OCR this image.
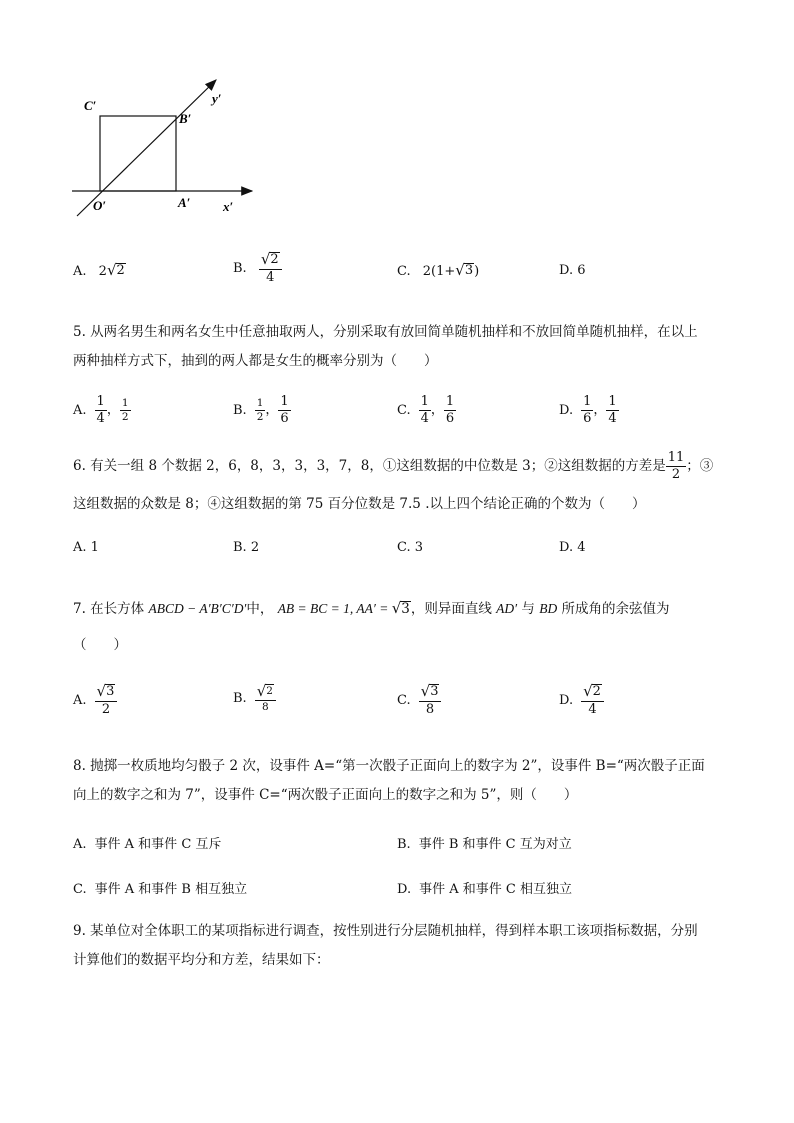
C′
B′
y′
O′	A′	x′
A. 2 √ 2	B. $\frac{√ 2}{4}$	C. 2(1+ √ 3 )	D. 6
5. 从两名男生和两名女生中任意抽取两人，分别采取有放回简单随机抽样和不放回简单随机抽样，在以上
两种抽样方式下，抽到的两人都是女生的概率分别为（　　）
A. $\frac{1}{4}$ ， $\frac{1}{2}$	B. $\frac{1}{2}$ ， $\frac{1}{6}$	C. $\frac{1}{4}$ ， $\frac{1}{6}$	D. $\frac{1}{6}$ ， $\frac{1}{4}$
6. 有关一组 8 个数据 2，6，8，3，3，3，7，8，①这组数据的中位数是 3；②这组数据的方差是 $\frac{11}{2}$ ；③
这组数据的众数是 8；④这组数据的第 75 百分位数是 7.5 .以上四个结论正确的个数为（　　）
A. 1	B. 2	C. 3	D. 4
7. 在长方体 ABCD − A′B′C′D′中， AB = BC = 1, AA′ = √ 3 ，则异面直线 AD′ 与 BD 所成角的余弦值为
（　　）
A. $\frac{√ 3}{2}$	B. $\frac{√ 2}{8}$	C. $\frac{√ 3}{8}$	D. $\frac{√ 2}{4}$
8. 抛掷一枚质地均匀骰子 2 次，设事件 A=“第一次骰子正面向上的数字为 2”，设事件 B=“两次骰子正面
向上的数字之和为 7”，设事件 C=“两次骰子正面向上的数字之和为 5”，则（　　）
A. 事件 A 和事件 C 互斥	B. 事件 B 和事件 C 互为对立
C. 事件 A 和事件 B 相互独立	D. 事件 A 和事件 C 相互独立
9. 某单位对全体职工的某项指标进行调查，按性别进行分层随机抽样，得到样本职工该项指标数据，分别
计算他们的数据平均分和方差，结果如下：
